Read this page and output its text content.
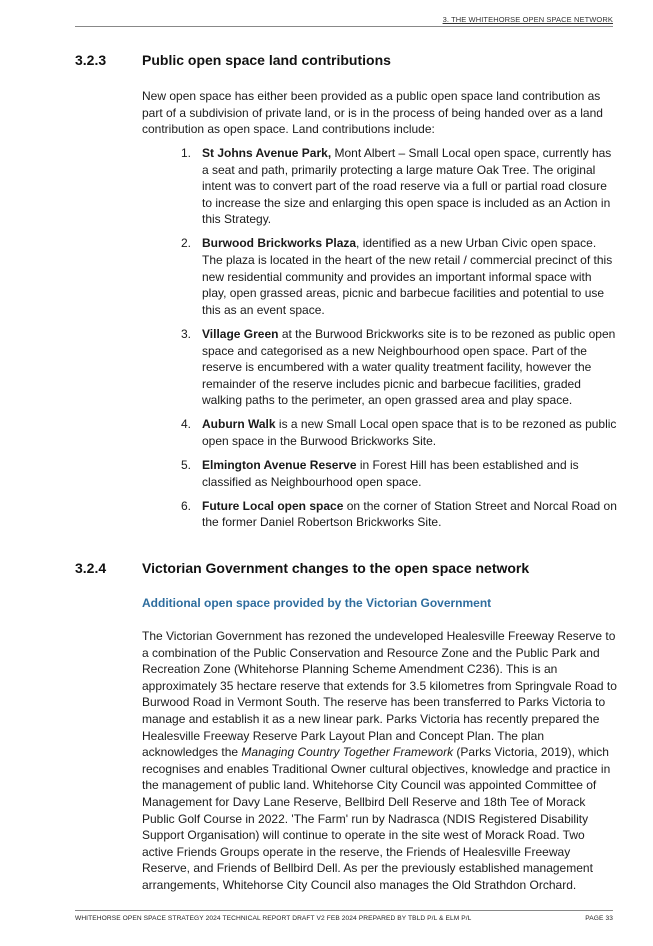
3. THE WHITEHORSE OPEN SPACE NETWORK
3.2.3	Public open space land contributions

New open space has either been provided as a public open space land contribution as part of a subdivision of private land, or is in the process of being handed over as a land contribution as open space. Land contributions include:

1. St Johns Avenue Park, Mont Albert – Small Local open space, currently has a seat and path, primarily protecting a large mature Oak Tree. The original intent was to convert part of the road reserve via a full or partial road closure to increase the size and enlarging this open space is included as an Action in this Strategy.
2. Burwood Brickworks Plaza, identified as a new Urban Civic open space. The plaza is located in the heart of the new retail / commercial precinct of this new residential community and provides an important informal space with play, open grassed areas, picnic and barbecue facilities and potential to use this as an event space.
3. Village Green at the Burwood Brickworks site is to be rezoned as public open space and categorised as a new Neighbourhood open space. Part of the reserve is encumbered with a water quality treatment facility, however the remainder of the reserve includes picnic and barbecue facilities, graded walking paths to the perimeter, an open grassed area and play space.
4. Auburn Walk is a new Small Local open space that is to be rezoned as public open space in the Burwood Brickworks Site.
5. Elmington Avenue Reserve in Forest Hill has been established and is classified as Neighbourhood open space.
6. Future Local open space on the corner of Station Street and Norcal Road on the former Daniel Robertson Brickworks Site.
3.2.4	Victorian Government changes to the open space network
Additional open space provided by the Victorian Government

The Victorian Government has rezoned the undeveloped Healesville Freeway Reserve to a combination of the Public Conservation and Resource Zone and the Public Park and Recreation Zone (Whitehorse Planning Scheme Amendment C236). This is an approximately 35 hectare reserve that extends for 3.5 kilometres from Springvale Road to Burwood Road in Vermont South. The reserve has been transferred to Parks Victoria to manage and establish it as a new linear park. Parks Victoria has recently prepared the Healesville Freeway Reserve Park Layout Plan and Concept Plan. The plan acknowledges the Managing Country Together Framework (Parks Victoria, 2019), which recognises and enables Traditional Owner cultural objectives, knowledge and practice in the management of public land. Whitehorse City Council was appointed Committee of Management for Davy Lane Reserve, Bellbird Dell Reserve and 18th Tee of Morack Public Golf Course in 2022. 'The Farm' run by Nadrasca (NDIS Registered Disability Support Organisation) will continue to operate in the site west of Morack Road. Two active Friends Groups operate in the reserve, the Friends of Healesville Freeway Reserve, and Friends of Bellbird Dell. As per the previously established management arrangements, Whitehorse City Council also manages the Old Strathdon Orchard.

WHITEHORSE OPEN SPACE STRATEGY 2024 TECHNICAL REPORT DRAFT V2 FEB 2024 PREPARED BY TBLD P/L & ELM P/L	PAGE 33
